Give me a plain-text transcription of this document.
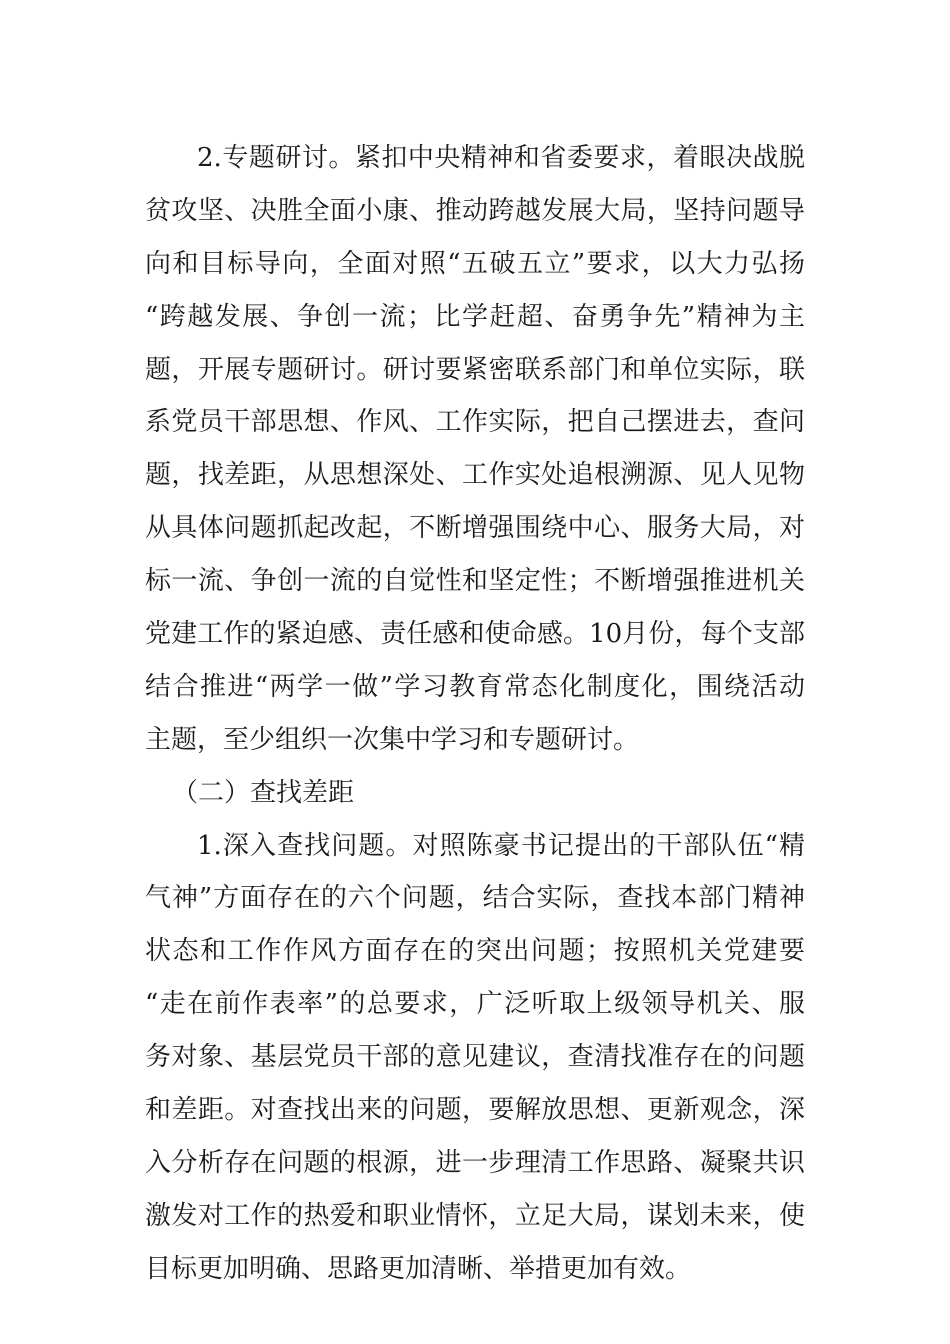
2.专题研讨。紧扣中央精神和省委要求，着眼决战脱
贫攻坚、决胜全面小康、推动跨越发展大局，坚持问题导
向和目标导向，全面对照“五破五立”要求，以大力弘扬
“跨越发展、争创一流；比学赶超、奋勇争先”精神为主
题，开展专题研讨。研讨要紧密联系部门和单位实际，联
系党员干部思想、作风、工作实际，把自己摆进去，查问
题，找差距，从思想深处、工作实处追根溯源、见人见物
从具体问题抓起改起，不断增强围绕中心、服务大局，对
标一流、争创一流的自觉性和坚定性；不断增强推进机关
党建工作的紧迫感、责任感和使命感。10月份，每个支部
结合推进“两学一做”学习教育常态化制度化，围绕活动
主题，至少组织一次集中学习和专题研讨。
（二）查找差距
1.深入查找问题。对照陈豪书记提出的干部队伍“精
气神”方面存在的六个问题，结合实际，查找本部门精神
状态和工作作风方面存在的突出问题；按照机关党建要
“走在前作表率”的总要求，广泛听取上级领导机关、服
务对象、基层党员干部的意见建议，查清找准存在的问题
和差距。对查找出来的问题，要解放思想、更新观念，深
入分析存在问题的根源，进一步理清工作思路、凝聚共识
激发对工作的热爱和职业情怀，立足大局，谋划未来，使
目标更加明确、思路更加清晰、举措更加有效。
